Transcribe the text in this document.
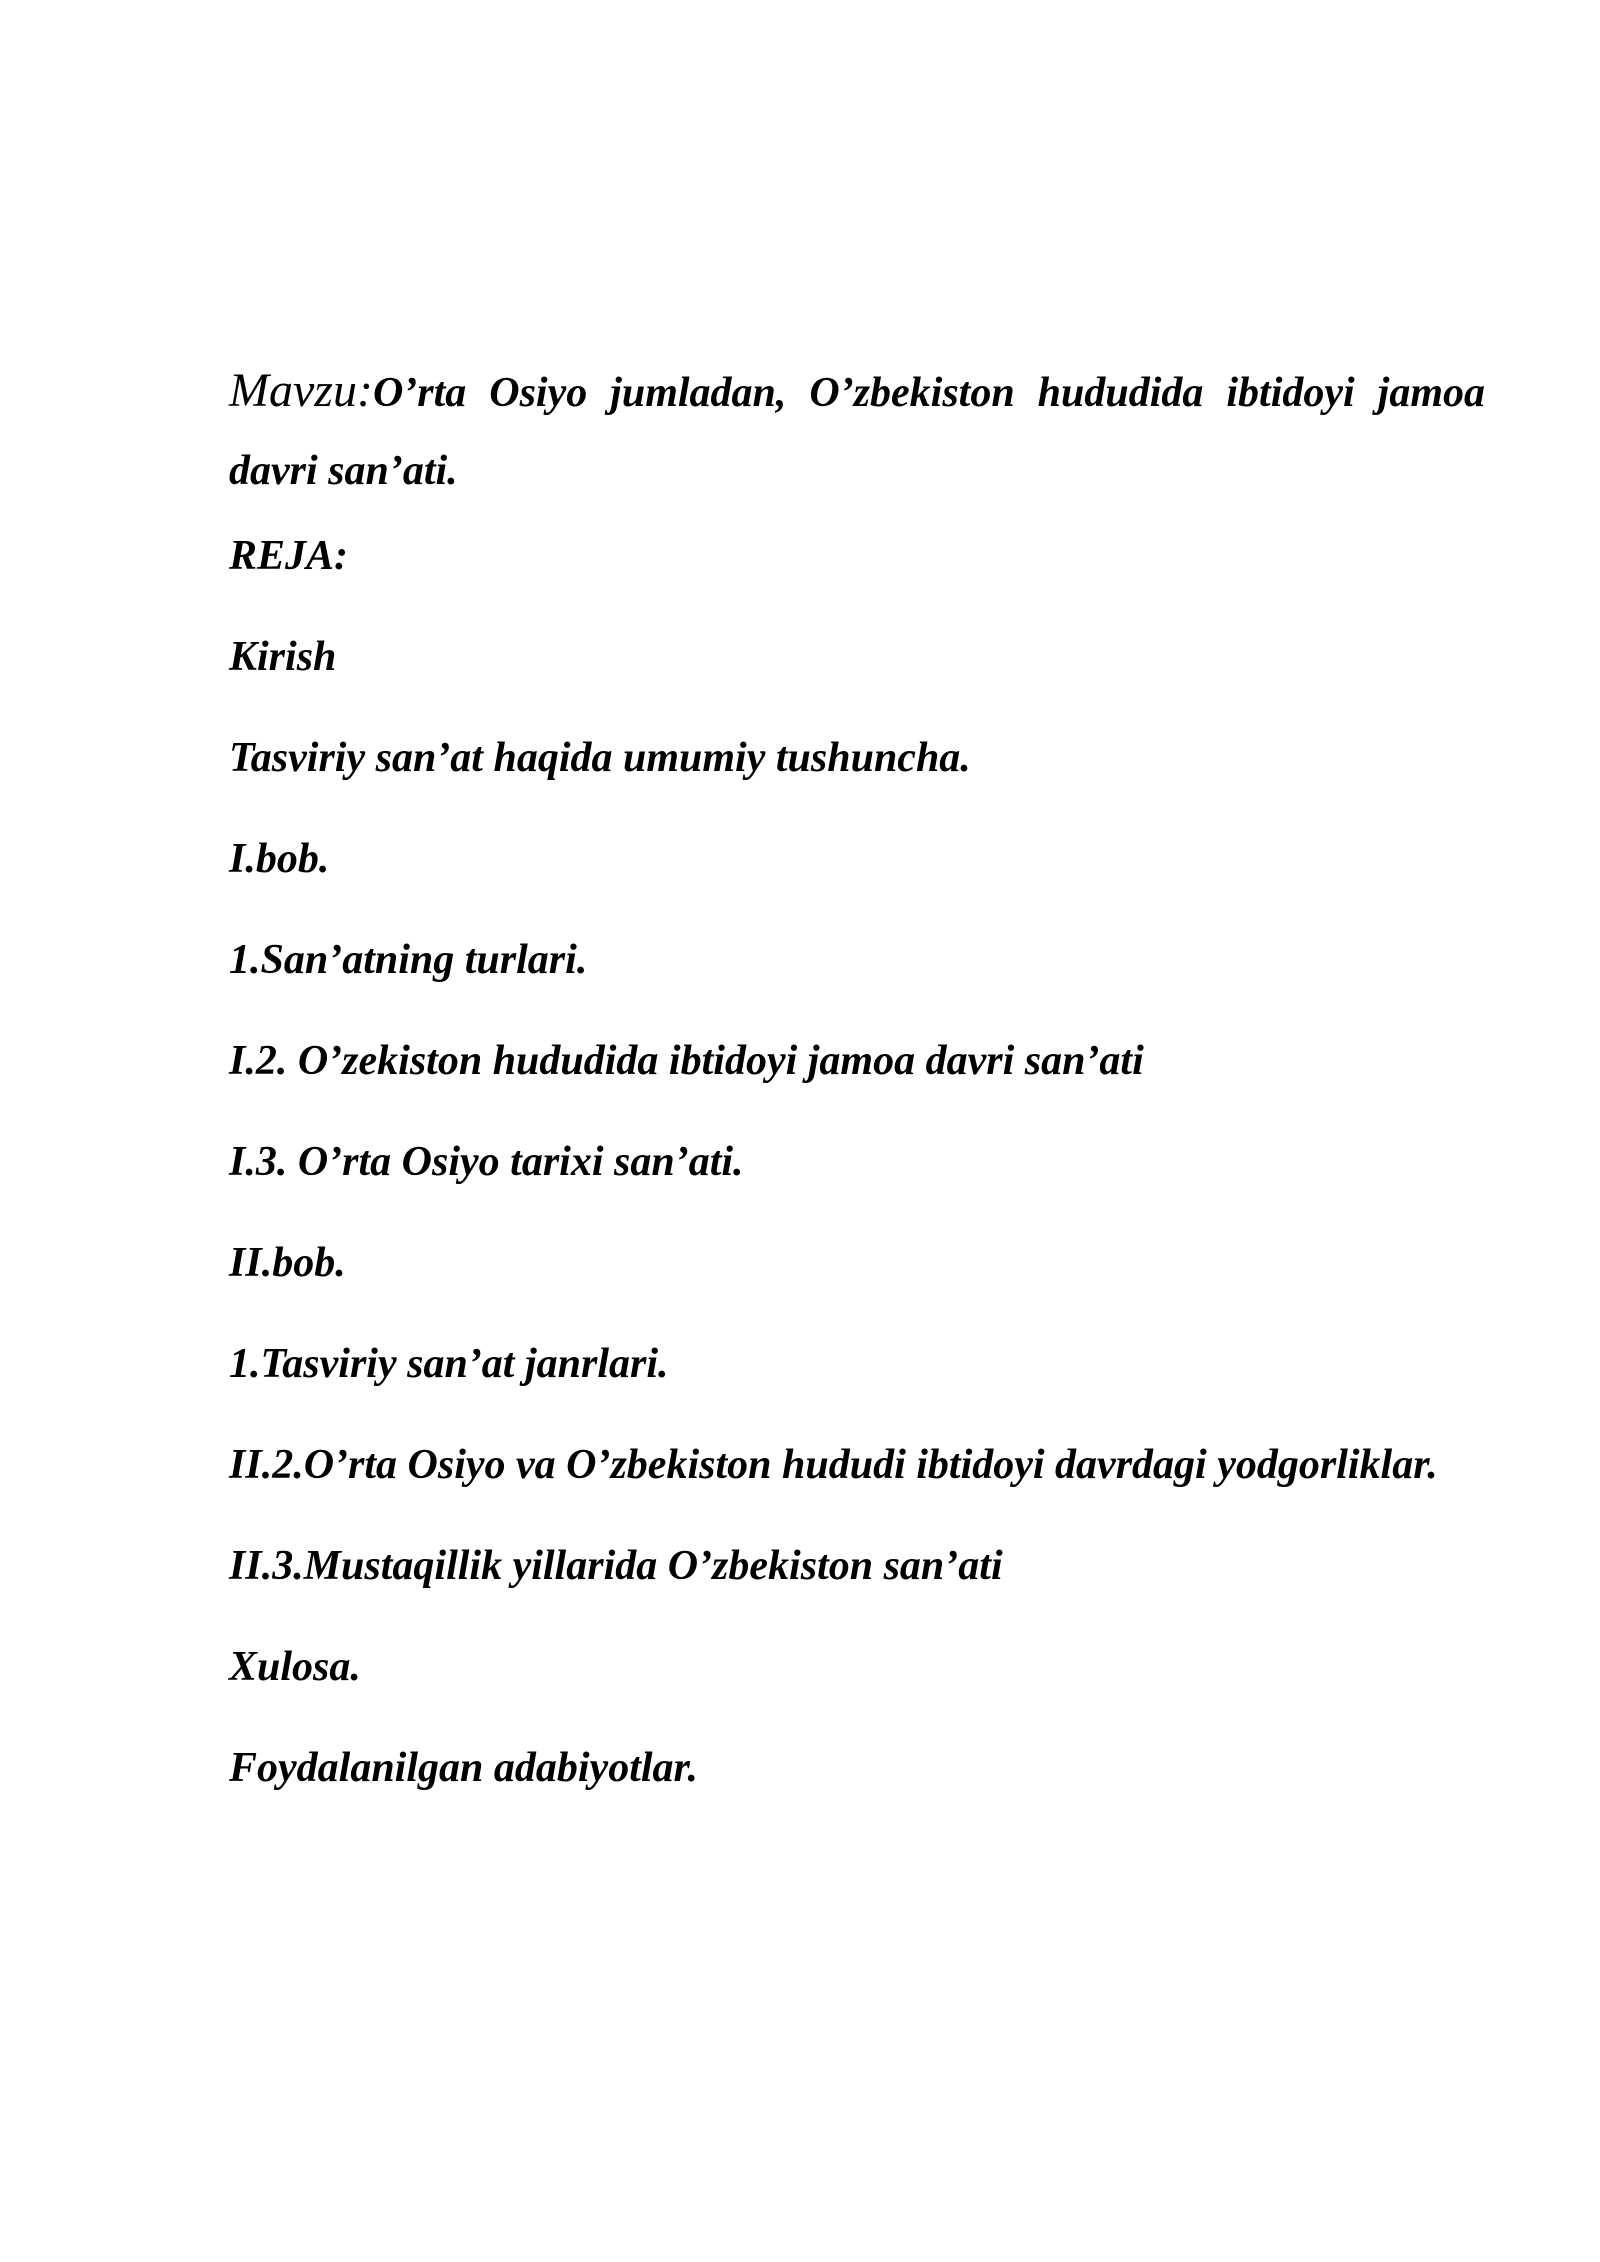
Mavzu:O’rta Osiyo jumladan, O’zbekiston hududida ibtidoyi jamoa davri san’ati.

REJA:
Kirish
Tasviriy san’at haqida umumiy tushuncha.
I.bob.
1.San’atning turlari.
I.2. O’zekiston hududida ibtidoyi jamoa davri san’ati
I.3. O’rta Osiyo tarixi san’ati.
II.bob.
1.Tasviriy san’at janrlari.
II.2.O’rta Osiyo va O’zbekiston hududi ibtidoyi davrdagi yodgorliklar.
II.3.Mustaqillik yillarida O’zbekiston san’ati
Xulosa.
Foydalanilgan adabiyotlar.
